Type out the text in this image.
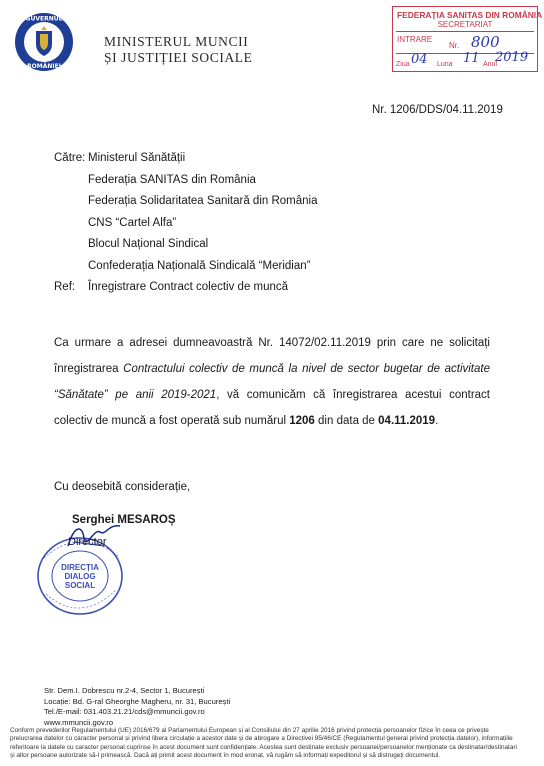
GUVERNUL
ROMÂNIEI
MINISTERUL MUNCII
ȘI JUSTIȚIEI SOCIALE
FEDERAȚIA SANITAS DIN ROMÂNIA
SECRETARIAT
INTRARE
Nr. 800
04	11 2019
Ziua	Luna	Anul
Nr. 1206/DDS/04.11.2019
Către: Ministerul Sănătății
Federația SANITAS din România
Federația Solidaritatea Sanitară din România
CNS “Cartel Alfa”
Blocul Național Sindical
Confederația Națională Sindicală “Meridian”
Ref:	Înregistrare Contract colectiv de muncă
Ca urmare a adresei dumneavoastră Nr. 14072/02.11.2019 prin care ne solicitați înregistrarea Contractului colectiv de muncă la nivel de sector bugetar de activitate “Sănătate” pe anii 2019-2021, vă comunicăm că înregistrarea acestui contract colectiv de muncă a fost operată sub numărul 1206 din data de 04.11.2019.
Cu deosebită considerație,
DIRECȚIA
DIALOG
SOCIAL
Serghei MESAROȘ
Director
Str. Dem.I. Dobrescu nr.2-4, Sector 1, București
Locație: Bd. G-ral Gheorghe Magheru, nr. 31, București
Tel./E-mail: 031.403.21.21/cds@mmuncii.gov.ro
www.mmuncii.gov.ro
Conform prevederilor Regulamentului (UE) 2016/679 al Parlamentului European și al Consiliului din 27 aprilie 2016 privind protecția persoanelor fizice în ceea ce privește
prelucrarea datelor cu caracter personal și privind libera circulație a acestor date și de abrogare a Directivei 95/46/CE (Regulamentul general privind protecția datelor), informațiile
referitoare la datele cu caracter personal cuprinse în acest document sunt confidențiale. Acestea sunt destinate exclusiv persoanei/persoanelor menționate ca destinatar/destinatari
și altor persoane autorizate să-l primească. Dacă ați primit acest document în mod eronat, vă rugăm să informați expeditorul și să distrugeți documentul.
